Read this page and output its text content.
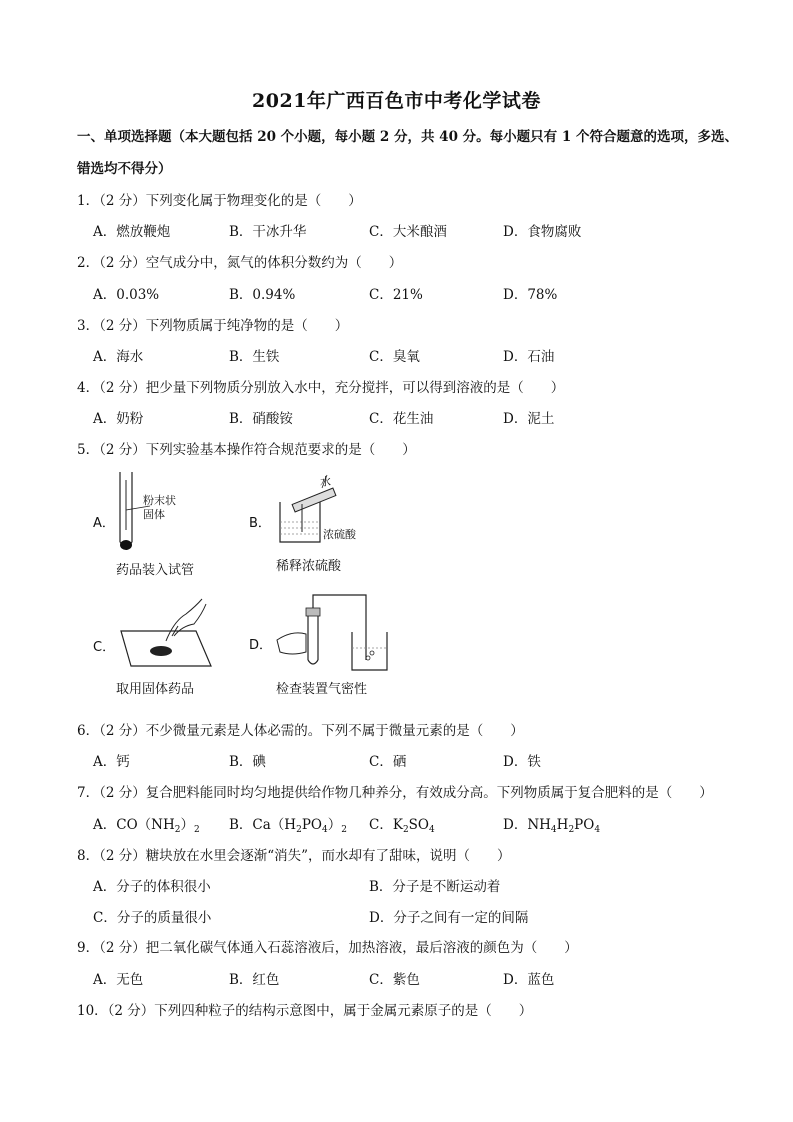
2021年广西百色市中考化学试卷
一、单项选择题（本大题包括 20 个小题，每小题 2 分，共 40 分。每小题只有 1 个符合题意的选项，多选、
错选均不得分）
1．（2 分）下列变化属于物理变化的是（　　）
A．燃放鞭炮	B．干冰升华	C．大米酿酒	D．食物腐败
2．（2 分）空气成分中，氮气的体积分数约为（　　）
A．0.03%	B．0.94%	C．21%	D．78%
3．（2 分）下列物质属于纯净物的是（　　）
A．海水	B．生铁	C．臭氧	D．石油
4．（2 分）把少量下列物质分别放入水中，充分搅拌，可以得到溶液的是（　　）
A．奶粉	B．硝酸铵	C．花生油	D．泥土
5．（2 分）下列实验基本操作符合规范要求的是（　　）
A．
粉末状
固体
药品装入试管
B．
水
浓硫酸
稀释浓硫酸
C．
取用固体药品
D．
检查装置气密性
6．（2 分）不少微量元素是人体必需的。下列不属于微量元素的是（　　）
A．钙	B．碘	C．硒	D．铁
7．（2 分）复合肥料能同时均匀地提供给作物几种养分，有效成分高。下列物质属于复合肥料的是（　　）
A．$CO(NH_2)_2$ B．$Ca(H_2PO_4)_2$ C．$K_2SO_4$	D．$NH_4H_2PO_4$
8．（2 分）糖块放在水里会逐渐“消失”，而水却有了甜味，说明（　　）
A．分子的体积很小	B．分子是不断运动着
C．分子的质量很小	D．分子之间有一定的间隔
9．（2 分）把二氧化碳气体通入石蕊溶液后，加热溶液，最后溶液的颜色为（　　）
A．无色	B．红色	C．紫色	D．蓝色
10．（2 分）下列四种粒子的结构示意图中，属于金属元素原子的是（　　）
